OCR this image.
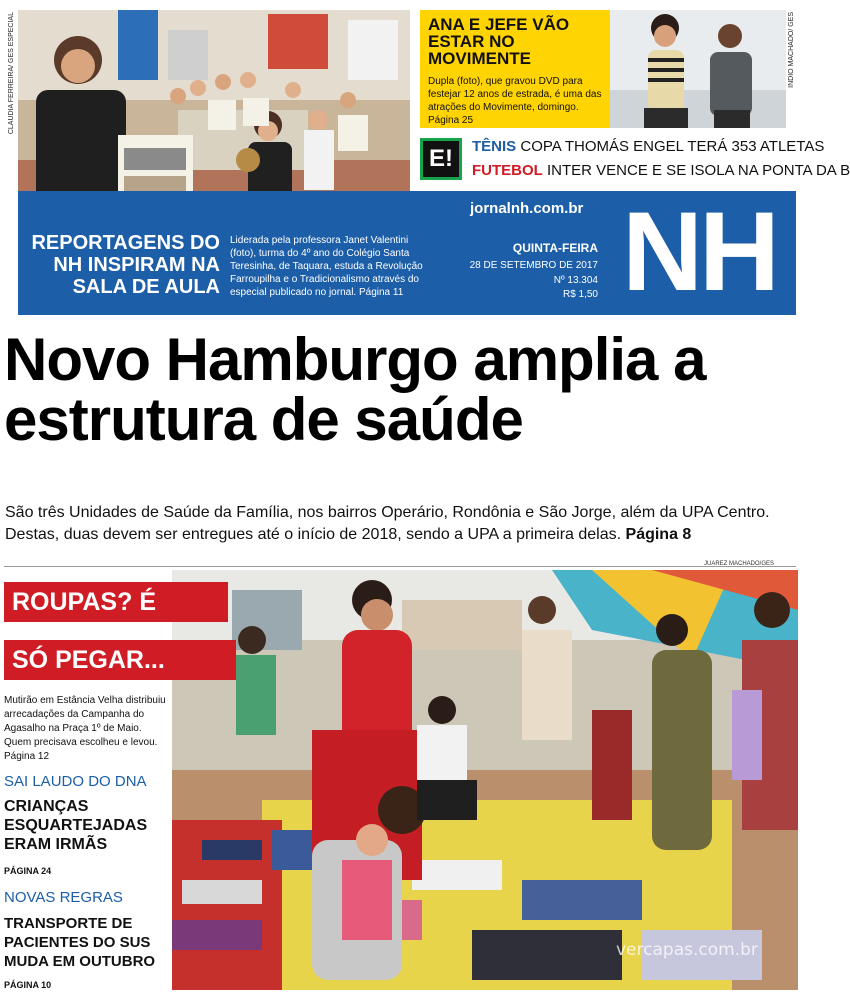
CLAUDIA FERREIRA/ GES ESPECIAL	INDIO MACHADO/ GES
ANA E JEFE VÃO ESTAR NO MOVIMENTE
Dupla (foto), que gravou DVD para festejar 12 anos de estrada, é uma das atrações do Movimente, domingo. Página 25
E!	TÊNIS COPA THOMÁS ENGEL TERÁ 353 ATLETAS
FUTEBOL INTER VENCE E SE ISOLA NA PONTA DA B
REPORTAGENS DO NH INSPIRAM NA SALA DE AULA
Liderada pela professora Janet Valentini (foto), turma do 4º ano do Colégio Santa Teresinha, de Taquara, estuda a Revolução Farroupilha e o Tradicionalismo através do especial publicado no jornal. Página 11
jornalnh.com.br
QUINTA-FEIRA
28 DE SETEMBRO DE 2017
Nº 13.304
R$ 1,50 NH
Novo Hamburgo amplia a estrutura de saúde
São três Unidades de Saúde da Família, nos bairros Operário, Rondônia e São Jorge, além da UPA Centro. Destas, duas devem ser entregues até o início de 2018, sendo a UPA a primeira delas. Página 8
JUAREZ MACHADO/GES
ROUPAS? É
SÓ PEGAR...
Mutirão em Estância Velha distribuiu arrecadações da Campanha do Agasalho na Praça 1º de Maio. Quem precisava escolheu e levou. Página 12
SAI LAUDO DO DNA
CRIANÇAS ESQUARTEJADAS ERAM IRMÃS
PÁGINA 24
NOVAS REGRAS
TRANSPORTE DE PACIENTES DO SUS MUDA EM OUTUBRO
PÁGINA 10
vercapas.com.br
